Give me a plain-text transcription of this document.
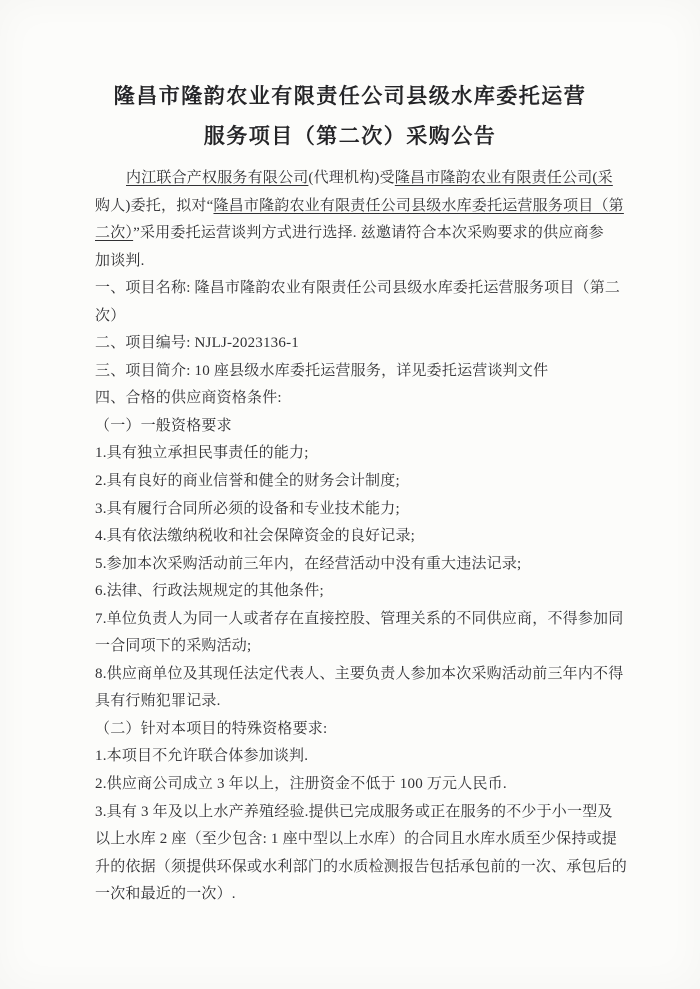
隆昌市隆韵农业有限责任公司县级水库委托运营
服务项目（第二次）采购公告
内江联合产权服务有限公司(代理机构)受隆昌市隆韵农业有限责任公司(采
购人)委托，拟对“隆昌市隆韵农业有限责任公司县级水库委托运营服务项目（第
二次）”采用委托运营谈判方式进行选择. 兹邀请符合本次采购要求的供应商参
加谈判.
一、项目名称: 隆昌市隆韵农业有限责任公司县级水库委托运营服务项目（第二
次）
二、项目编号: NJLJ-2023136-1
三、项目简介: 10 座县级水库委托运营服务，详见委托运营谈判文件
四、合格的供应商资格条件:
（一）一般资格要求
1.具有独立承担民事责任的能力;
2.具有良好的商业信誉和健全的财务会计制度;
3.具有履行合同所必须的设备和专业技术能力;
4.具有依法缴纳税收和社会保障资金的良好记录;
5.参加本次采购活动前三年内，在经营活动中没有重大违法记录;
6.法律、行政法规规定的其他条件;
7.单位负责人为同一人或者存在直接控股、管理关系的不同供应商，不得参加同
一合同项下的采购活动;
8.供应商单位及其现任法定代表人、主要负责人参加本次采购活动前三年内不得
具有行贿犯罪记录.
（二）针对本项目的特殊资格要求:
1.本项目不允许联合体参加谈判.
2.供应商公司成立 3 年以上，注册资金不低于 100 万元人民币.
3.具有 3 年及以上水产养殖经验.提供已完成服务或正在服务的不少于小一型及
以上水库 2 座（至少包含: 1 座中型以上水库）的合同且水库水质至少保持或提
升的依据（须提供环保或水利部门的水质检测报告包括承包前的一次、承包后的
一次和最近的一次）.
